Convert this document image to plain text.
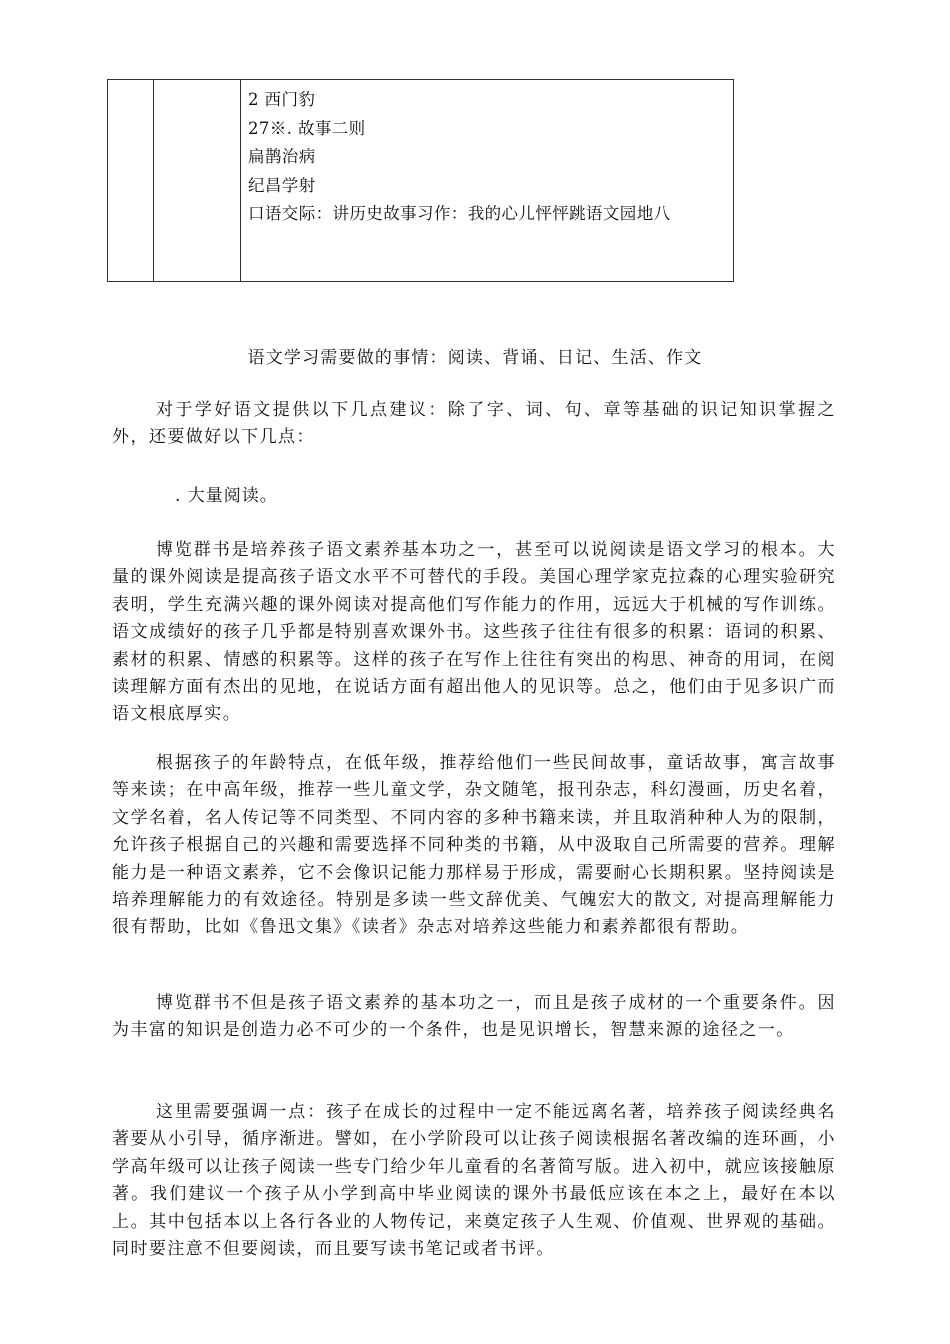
2 西门豹
27※. 故事二则
扁鹊治病
纪昌学射
口语交际：讲历史故事习作：我的心儿怦怦跳语文园地八
语文学习需要做的事情：阅读、背诵、日记、生活、作文

对于学好语文提供以下几点建议：除了字、词、句、章等基础的识记知识掌握之外，还要做好以下几点：

. 大量阅读。

博览群书是培养孩子语文素养基本功之一，甚至可以说阅读是语文学习的根本。大量的课外阅读是提高孩子语文水平不可替代的手段。美国心理学家克拉森的心理实验研究表明，学生充满兴趣的课外阅读对提高他们写作能力的作用，远远大于机械的写作训练。语文成绩好的孩子几乎都是特别喜欢课外书。这些孩子往往有很多的积累：语词的积累、素材的积累、情感的积累等。这样的孩子在写作上往往有突出的构思、神奇的用词，在阅读理解方面有杰出的见地，在说话方面有超出他人的见识等。总之，他们由于见多识广而语文根底厚实。

根据孩子的年龄特点，在低年级，推荐给他们一些民间故事，童话故事，寓言故事等来读；在中高年级，推荐一些儿童文学，杂文随笔，报刊杂志，科幻漫画，历史名着，文学名着，名人传记等不同类型、不同内容的多种书籍来读，并且取消种种人为的限制，允许孩子根据自己的兴趣和需要选择不同种类的书籍，从中汲取自己所需要的营养。理解能力是一种语文素养，它不会像识记能力那样易于形成，需要耐心长期积累。坚持阅读是培养理解能力的有效途径。特别是多读一些文辞优美、气魄宏大的散文, 对提高理解能力很有帮助，比如《鲁迅文集》《读者》杂志对培养这些能力和素养都很有帮助。

博览群书不但是孩子语文素养的基本功之一，而且是孩子成材的一个重要条件。因为丰富的知识是创造力必不可少的一个条件，也是见识增长，智慧来源的途径之一。

这里需要强调一点：孩子在成长的过程中一定不能远离名著，培养孩子阅读经典名著要从小引导，循序渐进。譬如，在小学阶段可以让孩子阅读根据名著改编的连环画，小学高年级可以让孩子阅读一些专门给少年儿童看的名著简写版。进入初中，就应该接触原著。我们建议一个孩子从小学到高中毕业阅读的课外书最低应该在本之上，最好在本以上。其中包括本以上各行各业的人物传记，来奠定孩子人生观、价值观、世界观的基础。同时要注意不但要阅读，而且要写读书笔记或者书评。
